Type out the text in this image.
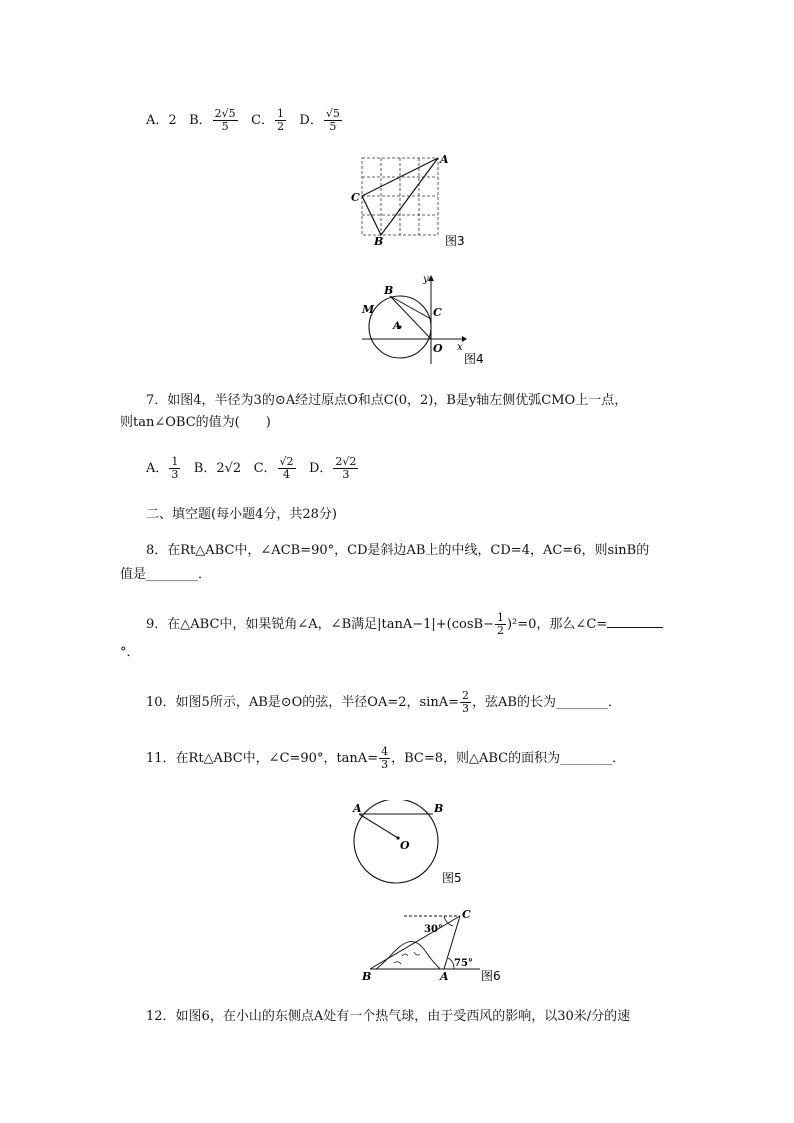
A．2 B． $\frac{2√5}{5}$ C． $\frac{1}{2}$ D． $\frac{√5}{5}$
A
C
B	图3
y
B
M	C
A
O x
图4
7．如图4，半径为3的⊙A经过原点O和点C(0，2)，B是y轴左侧优弧CMO上一点，
则tan∠OBC的值为(　　)
A． $\frac{1}{3}$ B．2√2 C． $\frac{√2}{4}$ D． $\frac{2√2}{3}$
二、填空题(每小题4分，共28分)
8．在Rt△ABC中，∠ACB=90°，CD是斜边AB上的中线，CD=4，AC=6，则sinB的
值是________．
9．在△ABC中，如果锐角∠A，∠B满足$|\tan A-1|+(\cos B- \frac{1}{2} )^2=0$，那么∠C=
°．
10．如图5所示，AB是⊙O的弦，半径OA=2，$\sin A= \frac{2}{3}$ ，弦AB的长为________．
11．在Rt△ABC中，∠C=90°，$\tan A= \frac{4}{3}$ ，BC=8，则△ABC的面积为________．
A	B
O
图5
C
30°
75°
B	A	图6
12．如图6，在小山的东侧点A处有一个热气球，由于受西风的影响，以30米/分的速
